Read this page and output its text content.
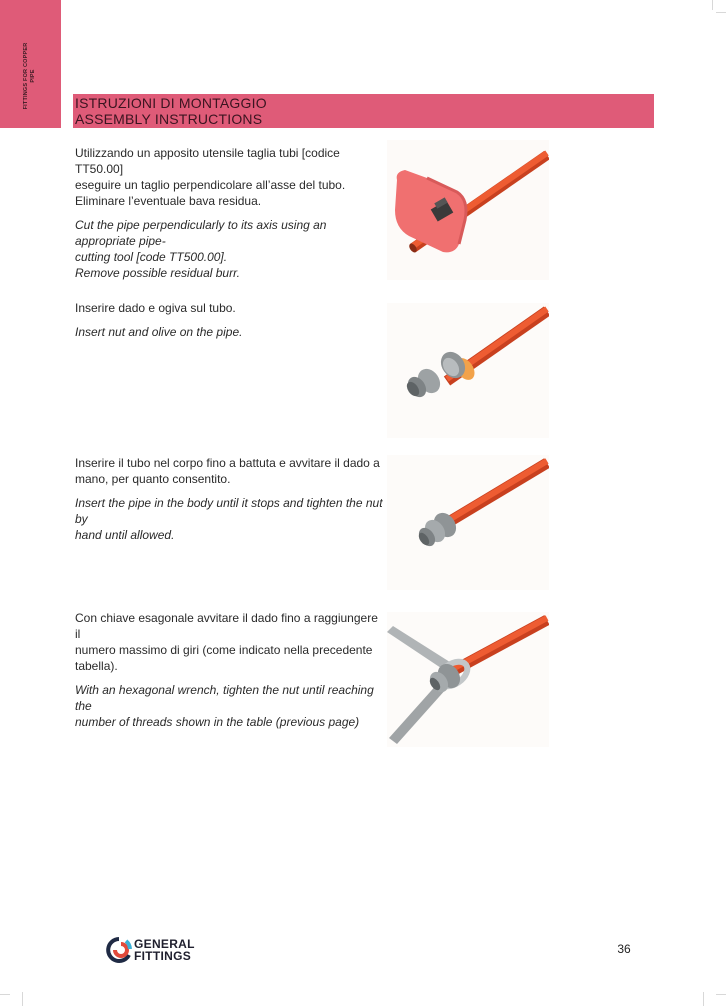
FITTINGS FOR COPPER PIPE
ISTRUZIONI DI MONTAGGIO
ASSEMBLY INSTRUCTIONS

Utilizzando un apposito utensile taglia tubi [codice TT50.00]
eseguire un taglio perpendicolare all’asse del tubo.
Eliminare l’eventuale bava residua.

Cut the pipe perpendicularly to its axis using an appropriate pipe-
cutting tool [code TT500.00].
Remove possible residual burr.

Inserire dado e ogiva sul tubo.

Insert nut and olive on the pipe.

Inserire il tubo nel corpo fino a battuta e avvitare il dado a
mano, per quanto consentito.

Insert the pipe in the body until it stops and tighten the nut by
hand until allowed.

Con chiave esagonale avvitare il dado fino a raggiungere il
numero massimo di giri (come indicato nella precedente
tabella).

With an hexagonal wrench, tighten the nut until reaching the
number of threads shown in the table (previous page)

GENERAL
FITTINGS	36
